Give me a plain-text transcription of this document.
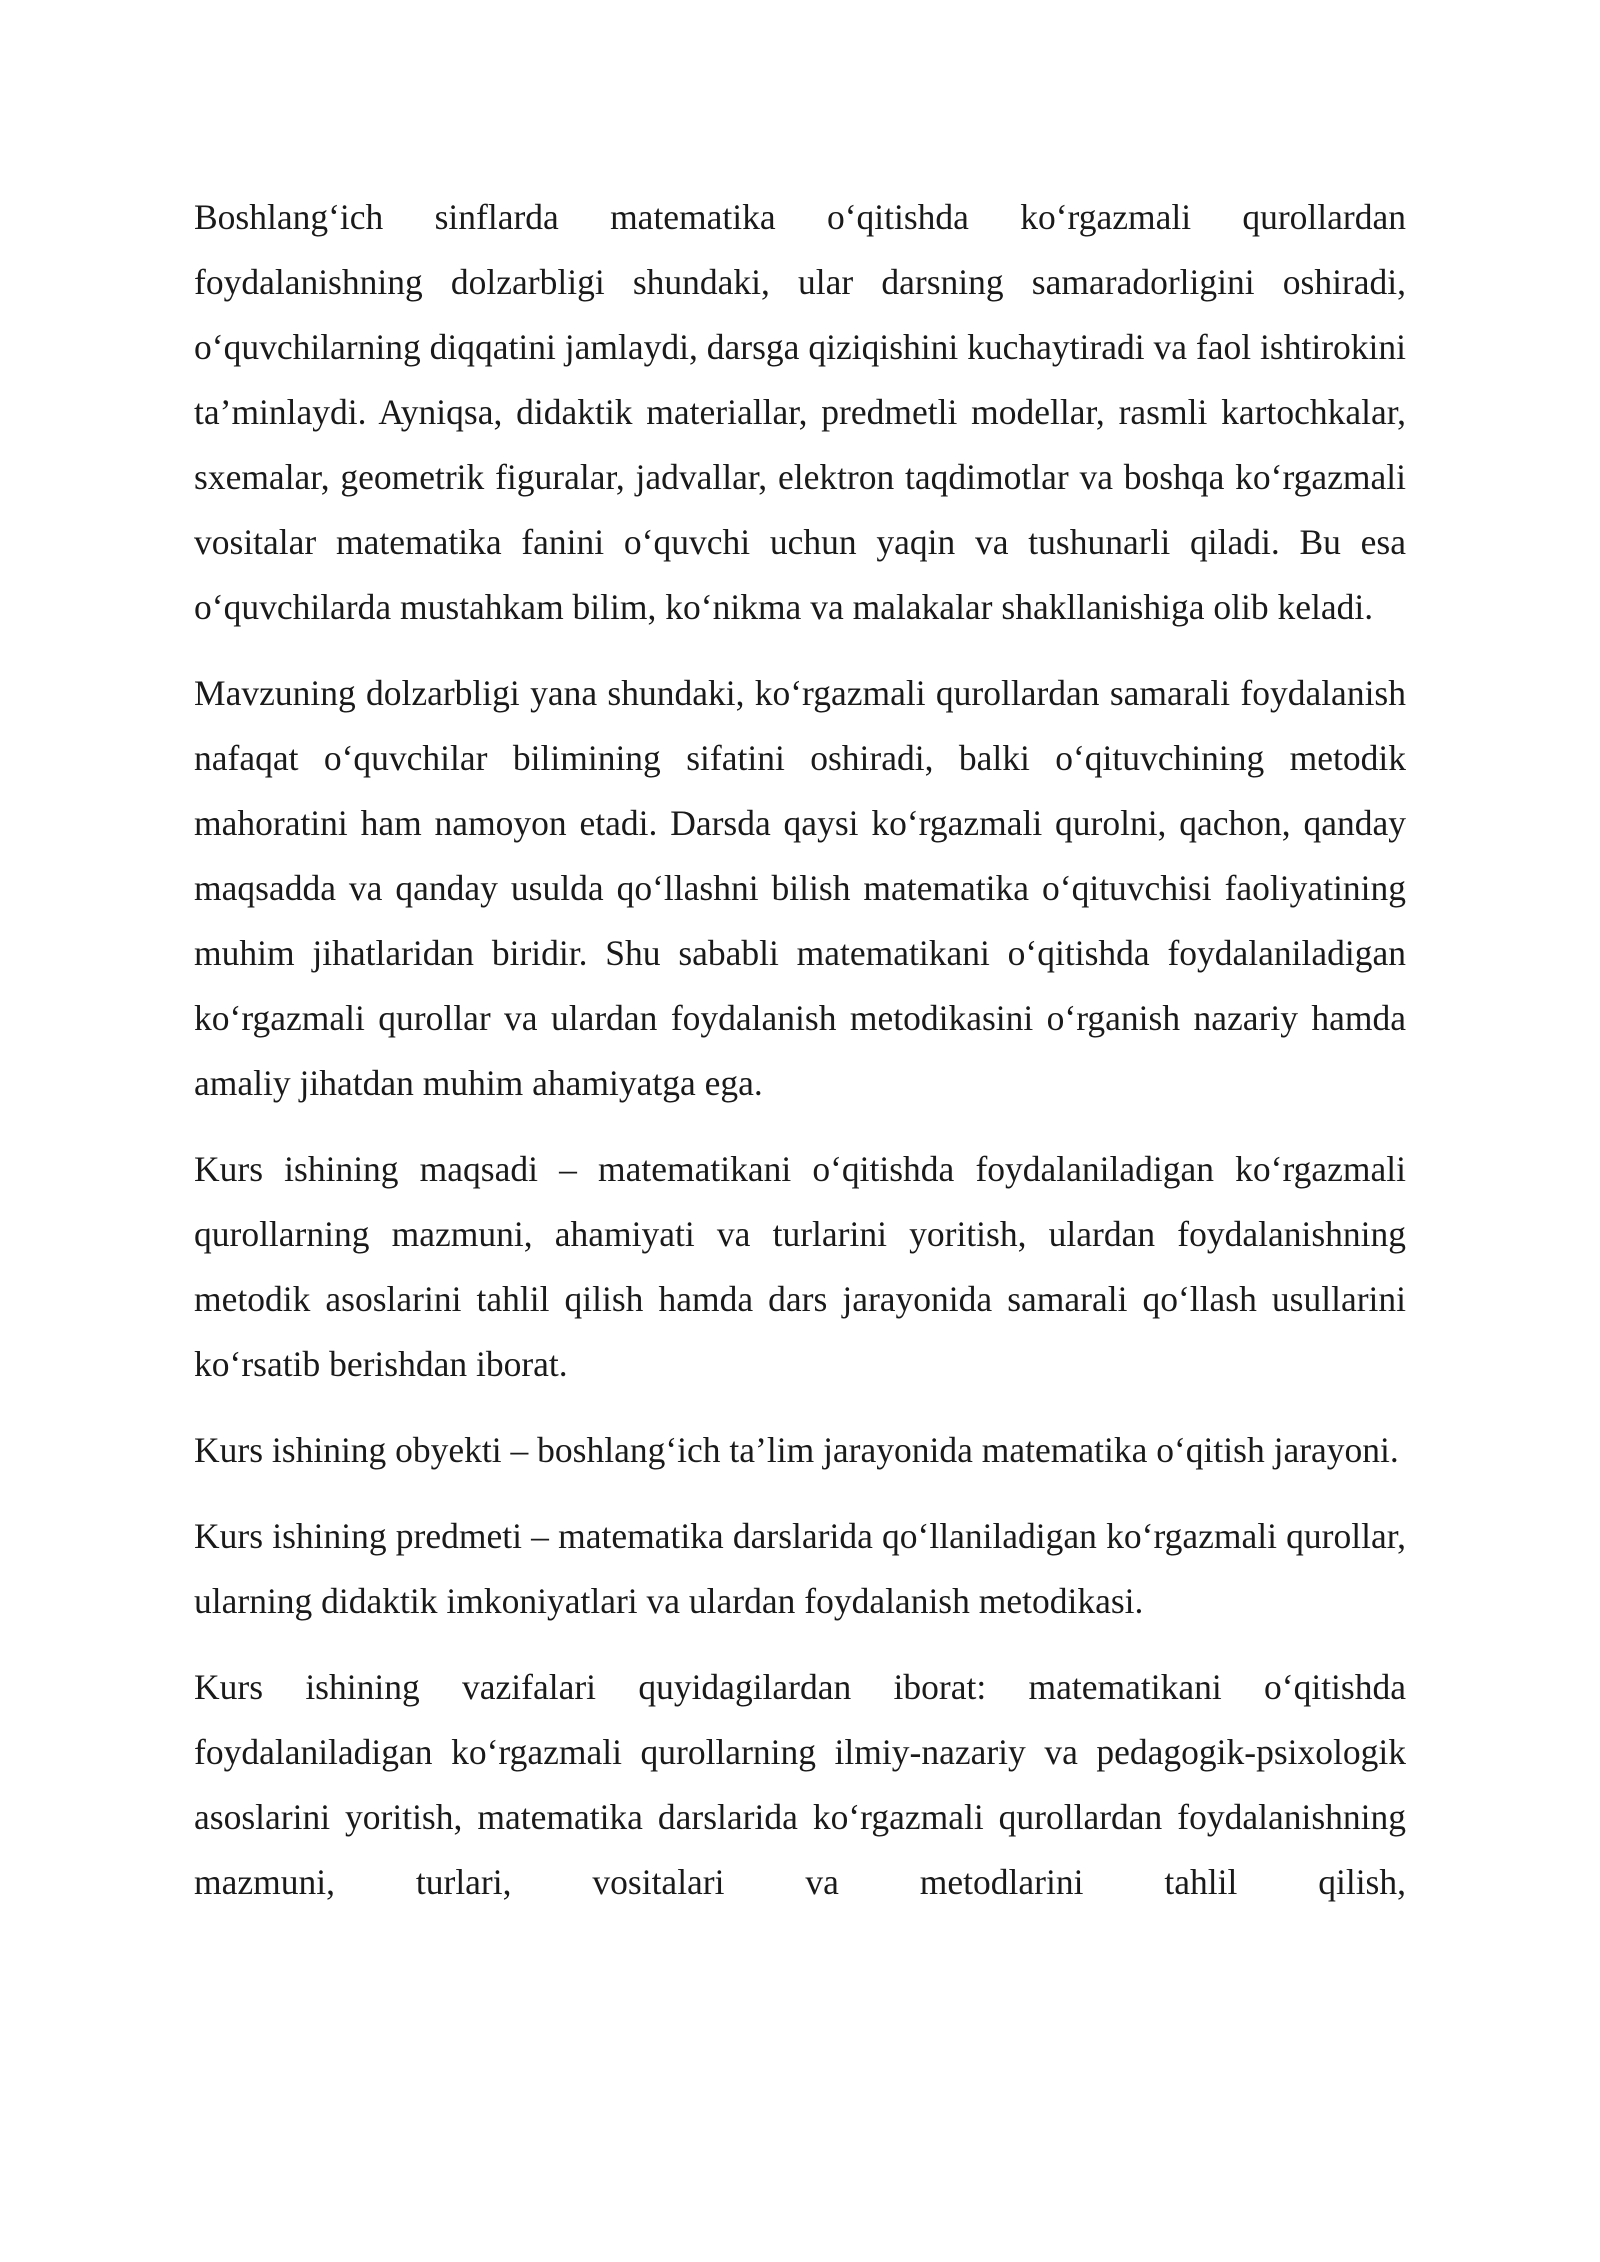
Boshlang‘ich sinflarda matematika o‘qitishda ko‘rgazmali qurollardan foydalanishning dolzarbligi shundaki, ular darsning samaradorligini oshiradi, o‘quvchilarning diqqatini jamlaydi, darsga qiziqishini kuchaytiradi va faol ishtirokini ta’minlaydi. Ayniqsa, didaktik materiallar, predmetli modellar, rasmli kartochkalar, sxemalar, geometrik figuralar, jadvallar, elektron taqdimotlar va boshqa ko‘rgazmali vositalar matematika fanini o‘quvchi uchun yaqin va tushunarli qiladi. Bu esa o‘quvchilarda mustahkam bilim, ko‘nikma va malakalar shakllanishiga olib keladi.

Mavzuning dolzarbligi yana shundaki, ko‘rgazmali qurollardan samarali foydalanish nafaqat o‘quvchilar bilimining sifatini oshiradi, balki o‘qituvchining metodik mahoratini ham namoyon etadi. Darsda qaysi ko‘rgazmali qurolni, qachon, qanday maqsadda va qanday usulda qo‘llashni bilish matematika o‘qituvchisi faoliyatining muhim jihatlaridan biridir. Shu sababli matematikani o‘qitishda foydalaniladigan ko‘rgazmali qurollar va ulardan foydalanish metodikasini o‘rganish nazariy hamda amaliy jihatdan muhim ahamiyatga ega.

Kurs ishining maqsadi – matematikani o‘qitishda foydalaniladigan ko‘rgazmali qurollarning mazmuni, ahamiyati va turlarini yoritish, ulardan foydalanishning metodik asoslarini tahlil qilish hamda dars jarayonida samarali qo‘llash usullarini ko‘rsatib berishdan iborat.

Kurs ishining obyekti – boshlang‘ich ta’lim jarayonida matematika o‘qitish jarayoni.

Kurs ishining predmeti – matematika darslarida qo‘llaniladigan ko‘rgazmali qurollar, ularning didaktik imkoniyatlari va ulardan foydalanish metodikasi.

Kurs ishining vazifalari quyidagilardan iborat: matematikani o‘qitishda foydalaniladigan ko‘rgazmali qurollarning ilmiy-nazariy va pedagogik-psixologik asoslarini yoritish, matematika darslarida ko‘rgazmali qurollardan foydalanishning mazmuni, turlari, vositalari va metodlarini tahlil qilish,
